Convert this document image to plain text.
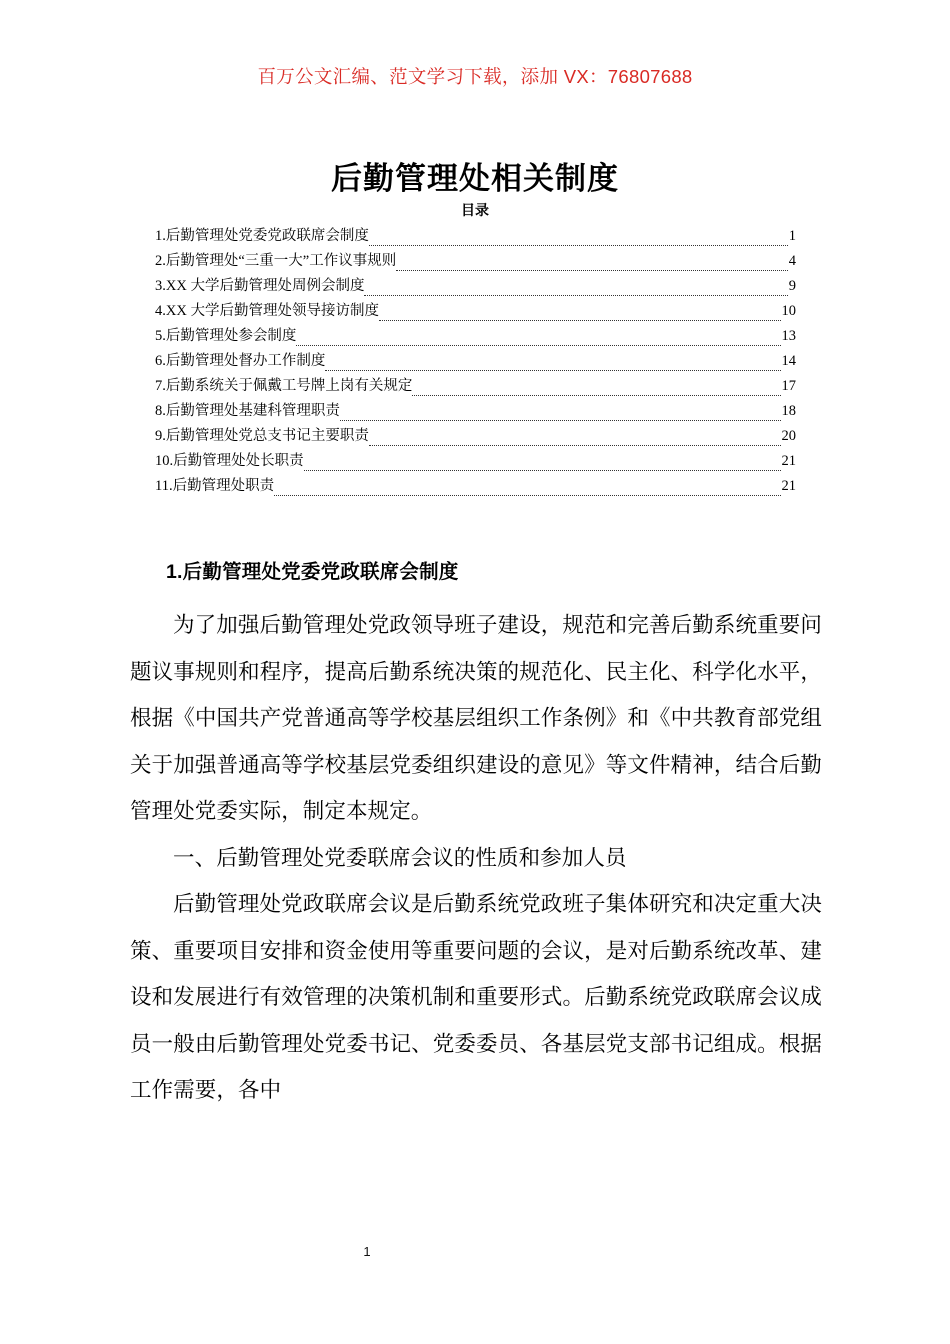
百万公文汇编、范文学习下载，添加 VX：76807688
后勤管理处相关制度
目录
1.后勤管理处党委党政联席会制度	1
2.后勤管理处“三重一大”工作议事规则	4
3.XX 大学后勤管理处周例会制度	9
4.XX 大学后勤管理处领导接访制度	10
5.后勤管理处参会制度	13
6.后勤管理处督办工作制度	14
7.后勤系统关于佩戴工号牌上岗有关规定	17
8.后勤管理处基建科管理职责	18
9.后勤管理处党总支书记主要职责	20
10.后勤管理处处长职责	21
11.后勤管理处职责	21
1.后勤管理处党委党政联席会制度

为了加强后勤管理处党政领导班子建设，规范和完善后勤系统重要问题议事规则和程序，提高后勤系统决策的规范化、民主化、科学化水平，根据《中国共产党普通高等学校基层组织工作条例》和《中共教育部党组关于加强普通高等学校基层党委组织建设的意见》等文件精神，结合后勤管理处党委实际，制定本规定。

一、后勤管理处党委联席会议的性质和参加人员

后勤管理处党政联席会议是后勤系统党政班子集体研究和决定重大决策、重要项目安排和资金使用等重要问题的会议，是对后勤系统改革、建设和发展进行有效管理的决策机制和重要形式。后勤系统党政联席会议成员一般由后勤管理处党委书记、党委委员、各基层党支部书记组成。根据工作需要，各中

1
